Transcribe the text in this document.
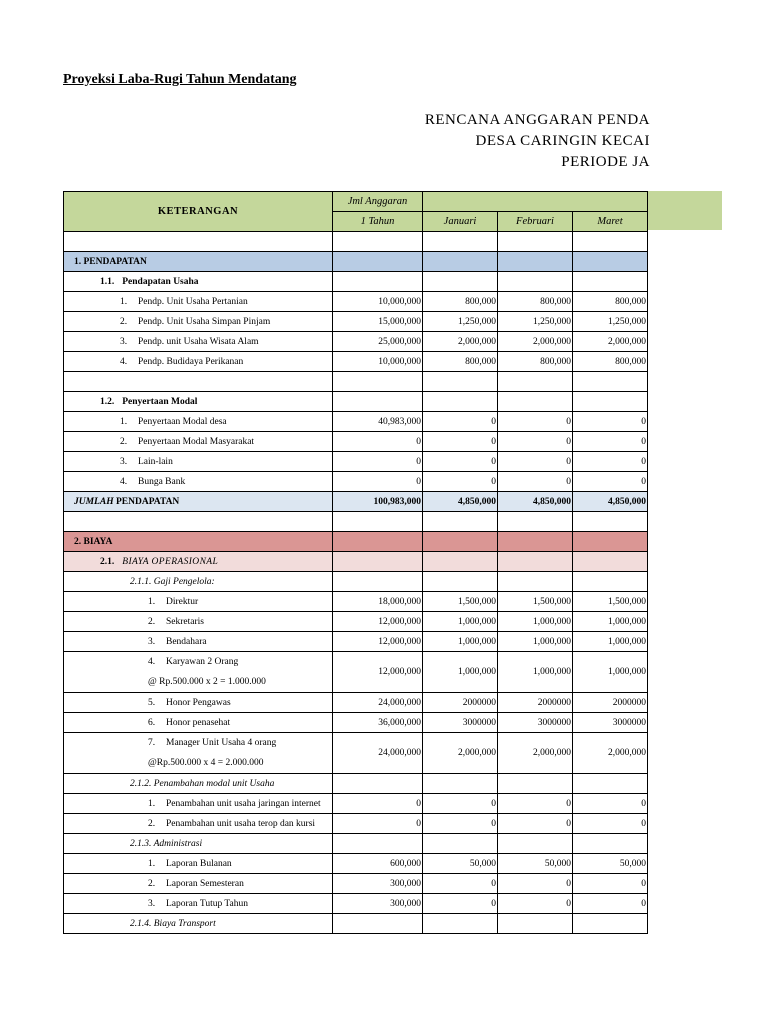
Proyeksi Laba-Rugi Tahun Mendatang
RENCANA ANGGARAN PENDA
DESA CARINGIN KECAI
PERIODE JA
KETERANGAN	Jml Anggaran			
	1 Tahun	Januari	Februari	Maret

1. PENDAPATAN				
1.1. Pendapatan Usaha				
1. Pendp. Unit Usaha Pertanian	10,000,000	800,000	800,000	800,000
2. Pendp. Unit Usaha Simpan Pinjam	15,000,000	1,250,000	1,250,000	1,250,000
3. Pendp. unit Usaha Wisata Alam	25,000,000	2,000,000	2,000,000	2,000,000
4. Pendp. Budidaya Perikanan	10,000,000	800,000	800,000	800,000

1.2. Penyertaan Modal				
1. Penyertaan Modal desa	40,983,000	0	0	0
2. Penyertaan Modal Masyarakat	0	0	0	0
3. Lain-lain	0	0	0	0
4. Bunga Bank	0	0	0	0
JUMLAH PENDAPATAN	100,983,000	4,850,000	4,850,000	4,850,000

2. BIAYA				
2.1. BIAYA OPERASIONAL				
2.1.1. Gaji Pengelola:				
1. Direktur	18,000,000	1,500,000	1,500,000	1,500,000
2. Sekretaris	12,000,000	1,000,000	1,000,000	1,000,000
3. Bendahara	12,000,000	1,000,000	1,000,000	1,000,000

4. Karyawan 2 Orang
@ Rp.500.000 x 2 = 1.000.000	12,000,000	1,000,000	1,000,000	1,000,000
5. Honor Pengawas	24,000,000	2000000	2000000	2000000
6. Honor penasehat	36,000,000	3000000	3000000	3000000

7. Manager Unit Usaha 4 orang
@Rp.500.000 x 4 = 2.000.000	24,000,000	2,000,000	2,000,000	2,000,000
2.1.2. Penambahan modal unit Usaha				
1. Penambahan unit usaha jaringan internet	0	0	0	0
2. Penambahan unit usaha terop dan kursi	0	0	0	0
2.1.3. Administrasi				
1. Laporan Bulanan	600,000	50,000	50,000	50,000
2. Laporan Semesteran	300,000	0	0	0
3. Laporan Tutup Tahun	300,000	0	0	0
2.1.4. Biaya Transport				
